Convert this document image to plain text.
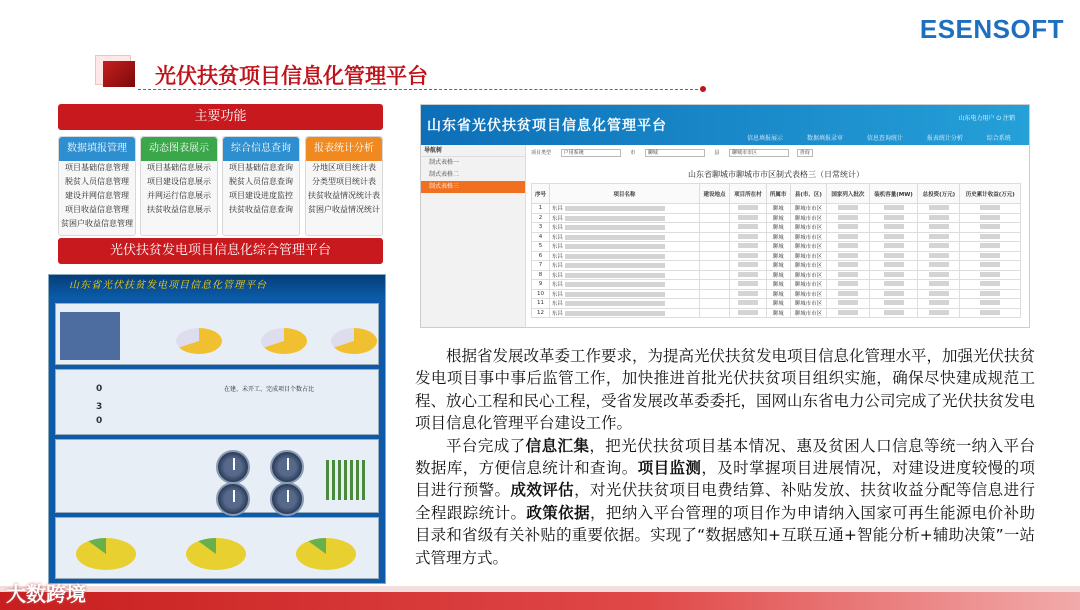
ESENSOFT
光伏扶贫项目信息化管理平台
主要功能
数据填报管理
项目基础信息管理
脱贫人员信息管理
建设并网信息管理
项目收益信息管理
贫困户收益信息管理
动态图表展示
项目基础信息展示
项目建设信息展示
并网运行信息展示
扶贫收益信息展示
综合信息查询
项目基础信息查询
脱贫人员信息查询
项目建设进度监控
扶贫收益信息查询
报表统计分析
分地区项目统计表
分类型项目统计表
扶贫收益情况统计表
贫困户收益情况统计
光伏扶贫发电项目信息化综合管理平台
山东省光伏扶贫发电项目信息化管理平台
0
3
0
在建、未开工、完成项目个数占比
山东省光伏扶贫项目信息化管理平台
信息填报展示	数据填报录审	信息查询统计	报表统计分析	综合系统
山东电力用户 ⏻ 注销
导航树
制式表格一
制式表格二
制式表格三
项目类型	户用系统	市	聊城	县	聊城市市区	查询
山东省聊城市聊城市市区制式表格三（日常统计）
序号	项目名称	建设地点	项目所在村	所属市	县(市、区)	国家列入批次	装机容量(MW)	总投资(万元)	历史累计收益(万元)
1	东昌			聊城	聊城市市区				
2	东昌			聊城	聊城市市区				
3	东昌			聊城	聊城市市区				
4	东昌			聊城	聊城市市区				
5	东昌			聊城	聊城市市区				
6	东昌			聊城	聊城市市区				
7	东昌			聊城	聊城市市区				
8	东昌			聊城	聊城市市区				
9	东昌			聊城	聊城市市区				
10	东昌			聊城	聊城市市区				
11	东昌			聊城	聊城市市区				
12	东昌			聊城	聊城市市区				

根据省发展改革委工作要求，为提高光伏扶贫发电项目信息化管理水平，加强光伏扶贫发电项目事中事后监管工作，加快推进首批光伏扶贫项目组织实施，确保尽快建成规范工程、放心工程和民心工程，受省发展改革委委托，国网山东省电力公司完成了光伏扶贫发电项目信息化管理平台建设工作。

平台完成了信息汇集，把光伏扶贫项目基本情况、惠及贫困人口信息等统一纳入平台数据库，方便信息统计和查询。项目监测，及时掌握项目进展情况，对建设进度较慢的项目进行预警。成效评估，对光伏扶贫项目电费结算、补贴发放、扶贫收益分配等信息进行全程跟踪统计。政策依据，把纳入平台管理的项目作为申请纳入国家可再生能源电价补助目录和省级有关补贴的重要依据。实现了“数据感知+互联互通+智能分析+辅助决策”一站式管理方式。

大数跨境
